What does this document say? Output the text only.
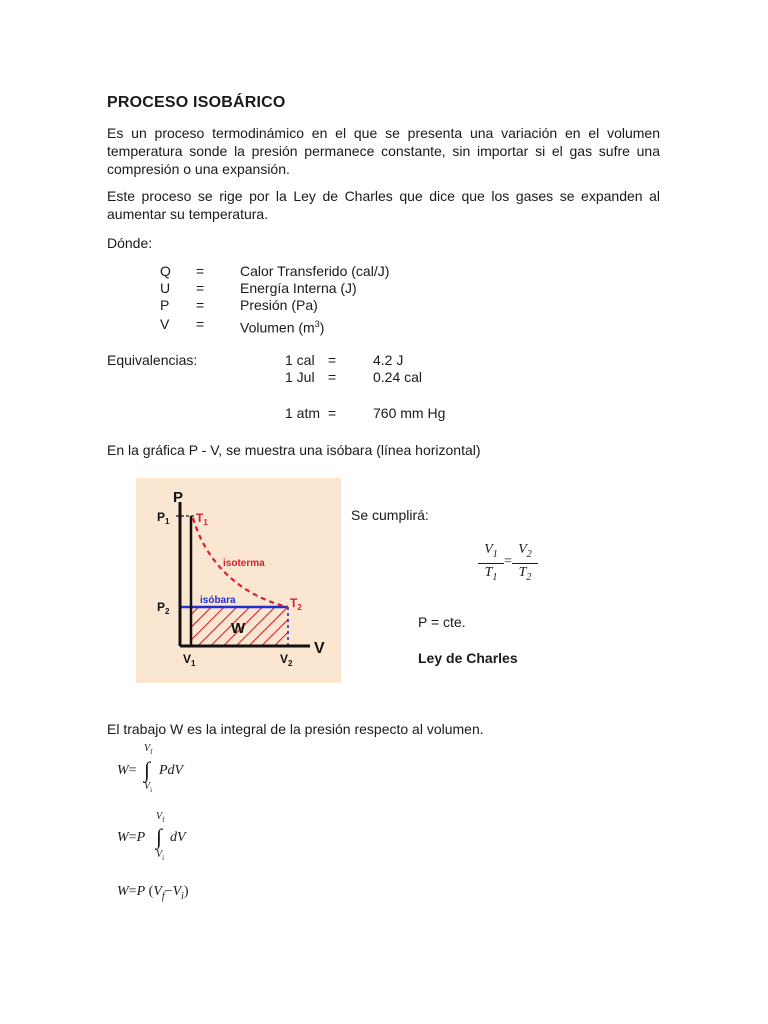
PROCESO ISOBÁRICO
Es un proceso termodinámico en el que se presenta una variación en el volumen temperatura sonde la presión permanece constante, sin importar si el gas sufre una compresión o una expansión.
Este proceso se rige por la Ley de Charles que dice que los gases se expanden al aumentar su temperatura.
Dónde:
Q =	Calor Transferido (cal/J)
U =	Energía Interna (J)
P =	Presión (Pa)
V =	Volumen $(m^3)$
Equivalencias:	1 cal =	4.2 J
1 Jul =	0.24 cal
1 atm =	760 mm Hg
En la gráfica P - V, se muestra una isóbara (línea horizontal)
P
V
$P_1$
$P_2$
$T_1$
$T_2$
$V_1$	$V_2$
isoterma
isóbara
W
Se cumplirá:
$V_1$
$T_1$
=
$V_2$
$T_2$
P = cte.
Ley de Charles
El trabajo W es la integral de la presión respecto al volumen.
W= ∫
$V_f$
$V_i$
PdV
W=P ∫
$V_f$
$V_i$
dV
W=P $(V_f-V_i)$
